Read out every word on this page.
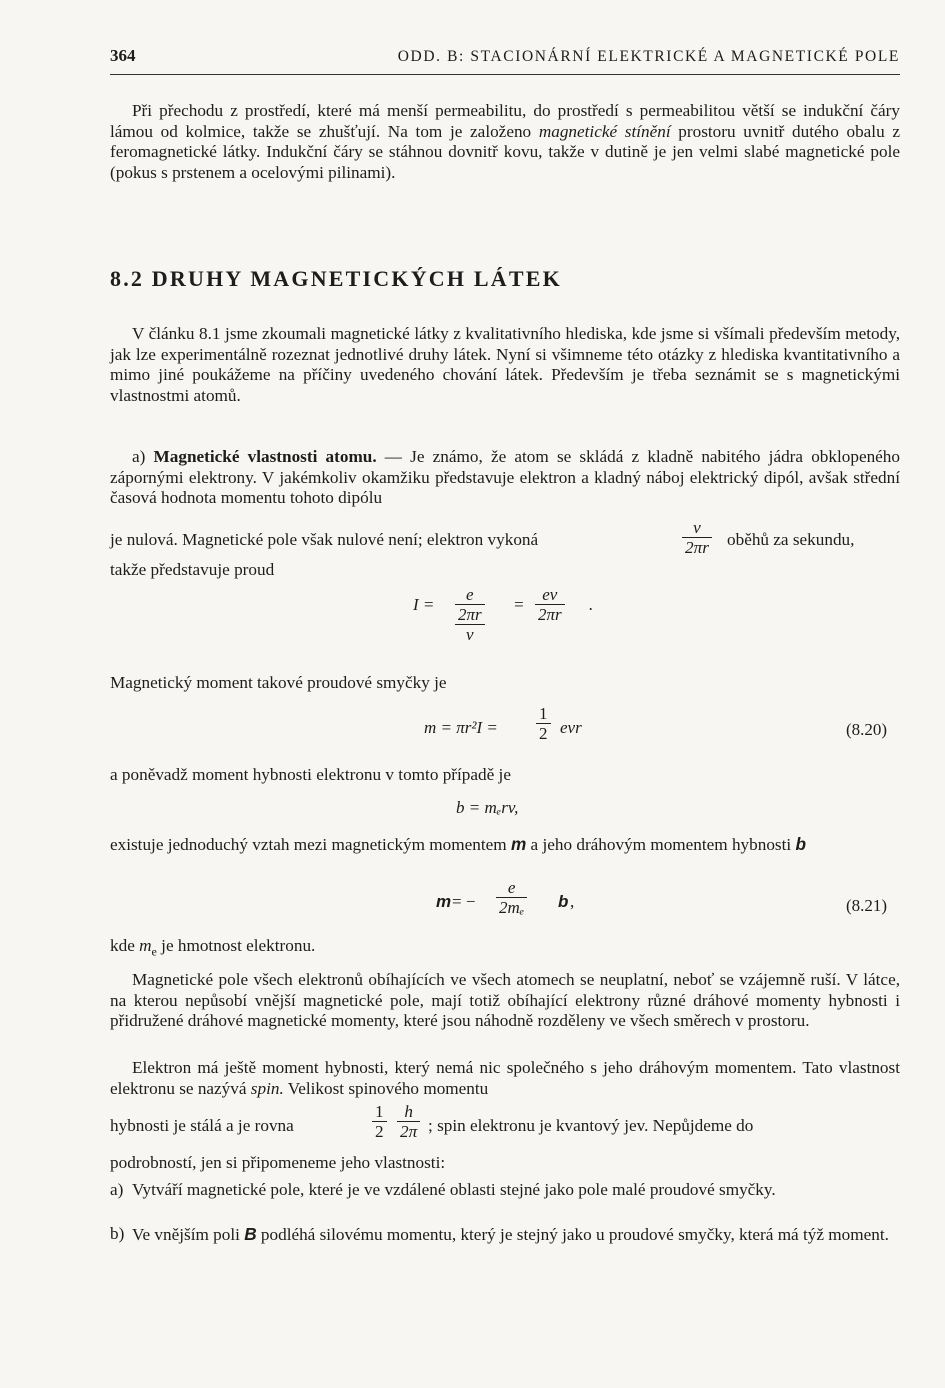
364	ODD. B: STACIONÁRNÍ ELEKTRICKÉ A MAGNETICKÉ POLE
Při přechodu z prostředí, které má menší permeabilitu, do prostředí s permeabilitou větší se indukční čáry lámou od kolmice, takže se zhušťují. Na tom je založeno magnetické stínění prostoru uvnitř dutého obalu z feromagnetické látky. Indukční čáry se stáhnou dovnitř kovu, takže v dutině je jen velmi slabé magnetické pole (pokus s prstenem a ocelovými pilinami).
8.2 DRUHY MAGNETICKÝCH LÁTEK
V článku 8.1 jsme zkoumali magnetické látky z kvalitativního hlediska, kde jsme si všímali především metody, jak lze experimentálně rozeznat jednotlivé druhy látek. Nyní si všimneme této otázky z hlediska kvantitativního a mimo jiné poukážeme na příčiny uvedeného chování látek. Především je třeba seznámit se s magnetickými vlastnostmi atomů.
a) Magnetické vlastnosti atomu. — Je známo, že atom se skládá z kladně nabitého jádra obklopeného zápornými elektrony. V jakémkoliv okamžiku představuje elektron a kladný náboj elektrický dipól, avšak střední časová hodnota momentu tohoto dipólu
je nulová. Magnetické pole však nulové není; elektron vykoná	$\frac{v}{2\pi r}$ oběhů za sekundu,
takže představuje proud
I =
e
2πr
v
= $\frac{ev}{2\pi r}$ .
Magnetický moment takové proudové smyčky je
$m = \pi r^2I = \frac{1}{2}$ evr	(8.20)
a poněvadž moment hybnosti elektronu v tomto případě je
b = mₑrv,
existuje jednoduchý vztah mezi magnetickým momentem m a jeho dráhovým momentem hybnosti b
m = − $\frac{e}{\text{2mₑ}}$ b ,	(8.21)
kde $m_e$ je hmotnost elektronu.
Magnetické pole všech elektronů obíhajících ve všech atomech se neuplatní, neboť se vzájemně ruší. V látce, na kterou nepůsobí vnější magnetické pole, mají totiž obíhající elektrony různé dráhové momenty hybnosti i přidružené dráhové magnetické momenty, které jsou náhodně rozděleny ve všech směrech v prostoru.
Elektron má ještě moment hybnosti, který nemá nic společného s jeho dráhovým momentem. Tato vlastnost elektronu se nazývá spin. Velikost spinového momentu
hybnosti je stálá a je rovna	$\frac{1}{2} \frac{h}{2\pi}$ ; spin elektronu je kvantový jev. Nepůjdeme do
podrobností, jen si připomeneme jeho vlastnosti:
a) Vytváří magnetické pole, které je ve vzdálené oblasti stejné jako pole malé proudové smyčky.
b) Ve vnějším poli B podléhá silovému momentu, který je stejný jako u proudové smyčky, která má týž moment.
